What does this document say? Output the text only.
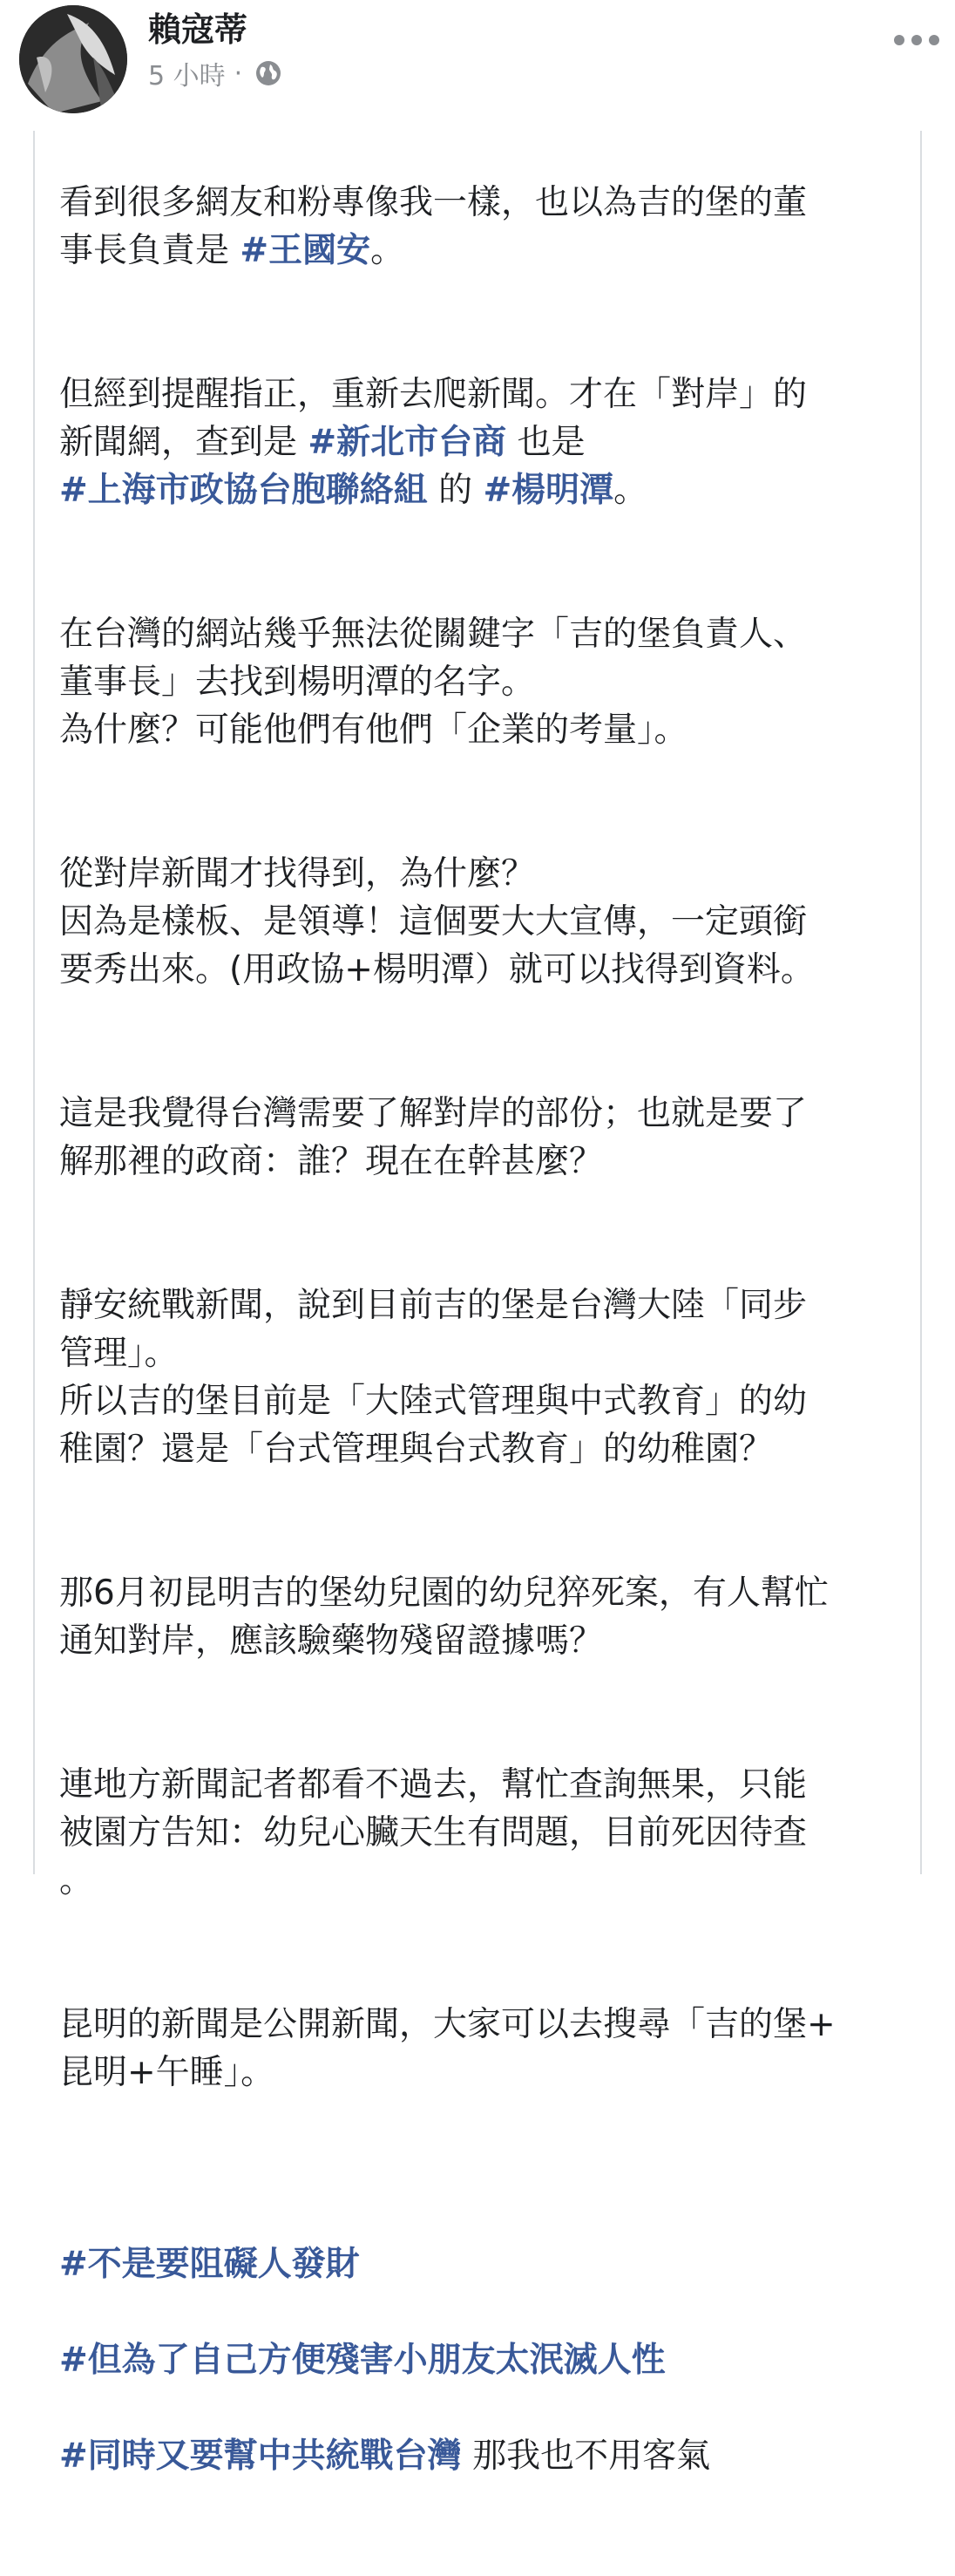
賴寇蒂
5 小時 ·

看到很多網友和粉專像我一樣，也以為吉的堡的董
事長負責是 #王國安。

但經到提醒指正，重新去爬新聞。才在「對岸」的
新聞網，查到是 #新北市台商 也是
#上海市政協台胞聯絡組 的 #楊明潭。

在台灣的網站幾乎無法從關鍵字「吉的堡負責人、
董事長」去找到楊明潭的名字。
為什麼？可能他們有他們「企業的考量」。

從對岸新聞才找得到，為什麼？
因為是樣板、是領導！這個要大大宣傳，一定頭銜
要秀出來。(用政協+楊明潭）就可以找得到資料。

這是我覺得台灣需要了解對岸的部份；也就是要了
解那裡的政商：誰？現在在幹甚麼？

靜安統戰新聞，說到目前吉的堡是台灣大陸「同步
管理」。
所以吉的堡目前是「大陸式管理與中式教育」的幼
稚園？還是「台式管理與台式教育」的幼稚園？

那6月初昆明吉的堡幼兒園的幼兒猝死案，有人幫忙
通知對岸，應該驗藥物殘留證據嗎？

連地方新聞記者都看不過去，幫忙查詢無果，只能
被園方告知：幼兒心臟天生有問題，目前死因待查
。

昆明的新聞是公開新聞，大家可以去搜尋「吉的堡+
昆明+午睡」。

#不是要阻礙人發財

#但為了自己方便殘害小朋友太泯滅人性

#同時又要幫中共統戰台灣 那我也不用客氣
